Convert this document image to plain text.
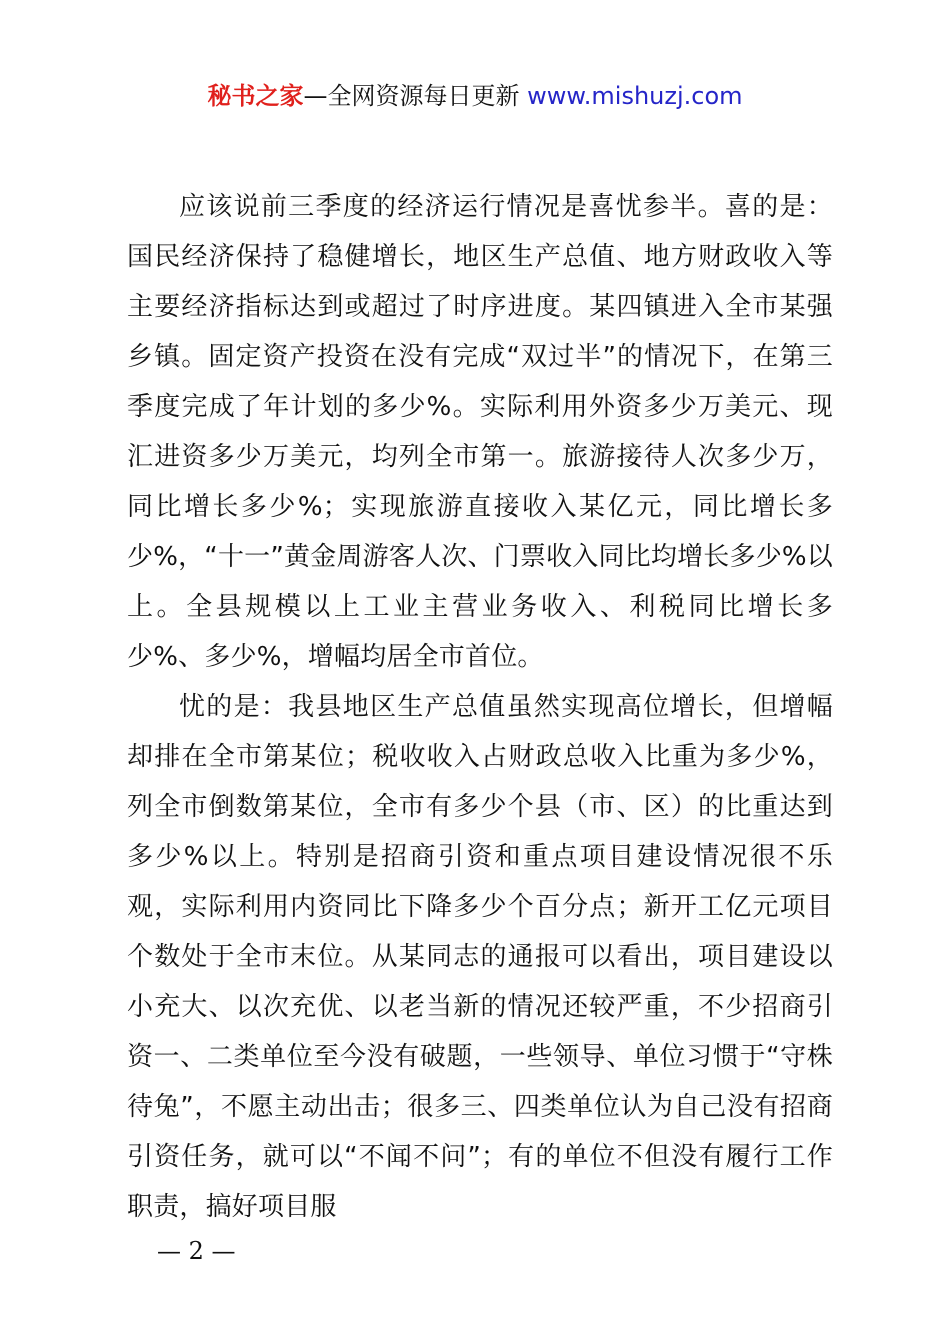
秘书之家—全网资源每日更新 www.mishuzj.com

应该说前三季度的经济运行情况是喜忧参半。喜的是：国民经济保持了稳健增长，地区生产总值、地方财政收入等主要经济指标达到或超过了时序进度。某四镇进入全市某强乡镇。固定资产投资在没有完成“双过半”的情况下，在第三季度完成了年计划的多少%。实际利用外资多少万美元、现汇进资多少万美元，均列全市第一。旅游接待人次多少万，同比增长多少%；实现旅游直接收入某亿元，同比增长多少%，“十一”黄金周游客人次、门票收入同比均增长多少%以上。全县规模以上工业主营业务收入、利税同比增长多少%、多少%，增幅均居全市首位。

忧的是：我县地区生产总值虽然实现高位增长，但增幅却排在全市第某位；税收收入占财政总收入比重为多少%，列全市倒数第某位，全市有多少个县（市、区）的比重达到多少%以上。特别是招商引资和重点项目建设情况很不乐观，实际利用内资同比下降多少个百分点；新开工亿元项目个数处于全市末位。从某同志的通报可以看出，项目建设以小充大、以次充优、以老当新的情况还较严重，不少招商引资一、二类单位至今没有破题，一些领导、单位习惯于“守株待兔”，不愿主动出击；很多三、四类单位认为自己没有招商引资任务，就可以“不闻不问”；有的单位不但没有履行工作职责，搞好项目服

— 2 —
